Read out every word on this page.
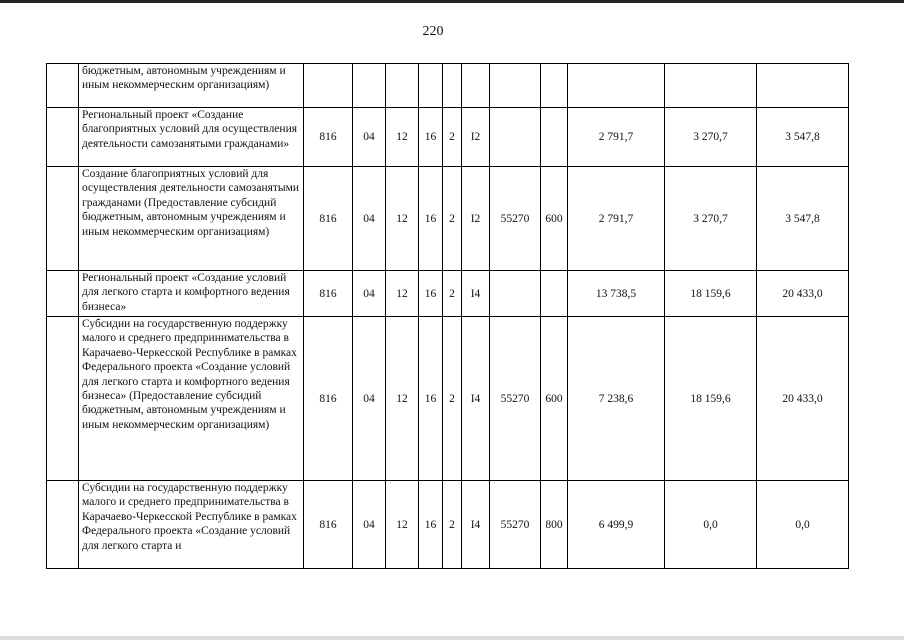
220
	бюджетным, автономным учреждениям и иным некоммерческим организациям)											
	Региональный проект «Создание благоприятных условий для осуществления деятельности самозанятыми гражданами»	816	04	12	16	2	I2			2 791,7	3 270,7	3 547,8
	Создание благоприятных условий для осуществления деятельности самозанятыми гражданами (Предоставление субсидий бюджетным, автономным учреждениям и иным некоммерческим организациям)	816	04	12	16	2	I2	55270	600	2 791,7	3 270,7	3 547,8
	Региональный проект «Создание условий для легкого старта и комфортного ведения бизнеса»	816	04	12	16	2	I4			13 738,5	18 159,6	20 433,0
	Субсидии на государственную поддержку малого и среднего предпринимательства в Карачаево-Черкесской Республике в рамках Федерального проекта «Создание условий для легкого старта и комфортного ведения бизнеса» (Предоставление субсидий бюджетным, автономным учреждениям и иным некоммерческим организациям)	816	04	12	16	2	I4	55270	600	7 238,6	18 159,6	20 433,0
	Субсидии на государственную поддержку малого и среднего предпринимательства в Карачаево-Черкесской Республике в рамках Федерального проекта «Создание условий для легкого старта и	816	04	12	16	2	I4	55270	800	6 499,9	0,0	0,0
